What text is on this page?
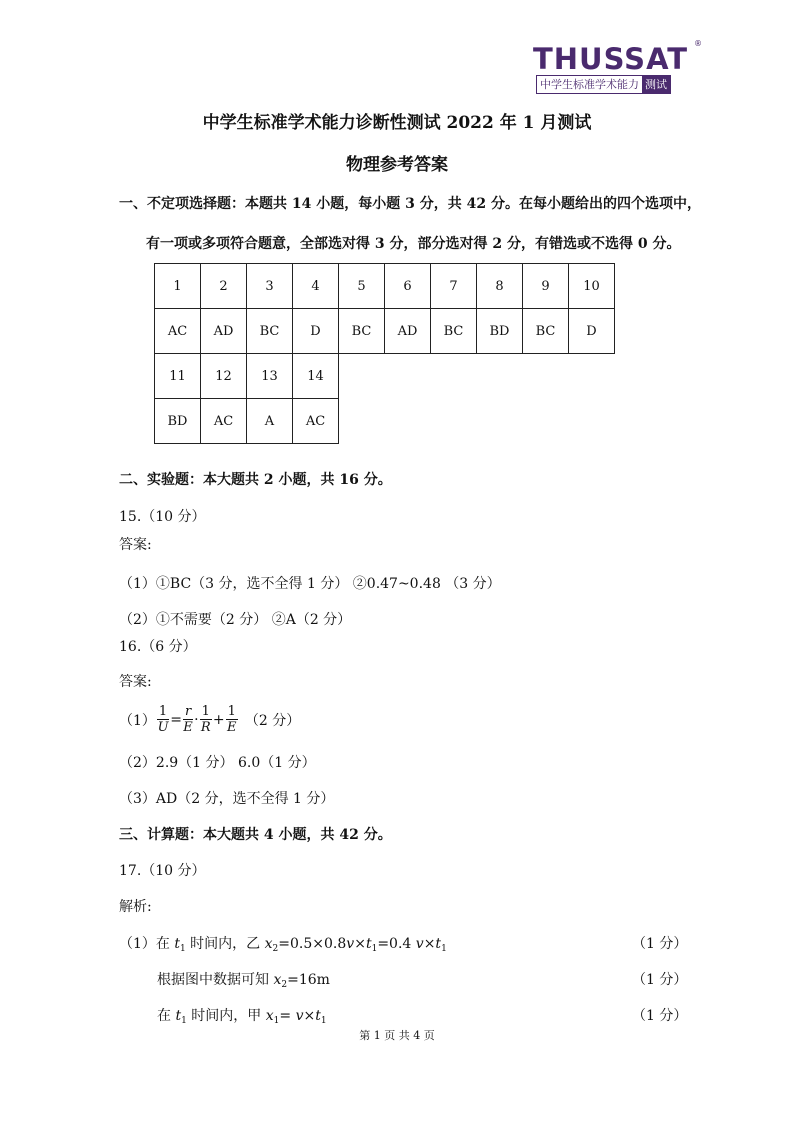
THUSSAT ®
中学生标准学术能力 测试
中学生标准学术能力诊断性测试 2022 年 1 月测试
物理参考答案
一、不定项选择题：本题共 14 小题，每小题 3 分，共 42 分。在每小题给出的四个选项中，
有一项或多项符合题意，全部选对得 3 分，部分选对得 2 分，有错选或不选得 0 分。
1	2	3	4	5	6	7	8	9	10
AC	AD	BC	D	BC	AD	BC	BD	BC	D
11	12	13	14						
BD	AC	A	AC						
二、实验题：本大题共 2 小题，共 16 分。
15.（10 分）
答案:
（1）①BC（3 分，选不全得 1 分） ②0.47~0.48 （3 分）
（2）①不需要（2 分） ②A（2 分）
16.（6 分）
答案:
$(1) \frac{1}{U} = \frac{r}{E} \cdot \frac{1}{R} + \frac{1}{E} (2$ 分）
（2）2.9（1 分） 6.0（1 分）
（3）AD（2 分，选不全得 1 分）
三、计算题：本大题共 4 小题，共 42 分。
17.（10 分）
解析:
（1）在 $t_1$ 时间内，乙 $x_2=0.5\times 0.8v\times t_1=0.4$ $v\times t_1$	（1 分）
根据图中数据可知 $x_2=16m$	（1 分）
在 $t_1$ 时间内，甲 $x_1= v\times t_1$	（1 分）
第 1 页 共 4 页
